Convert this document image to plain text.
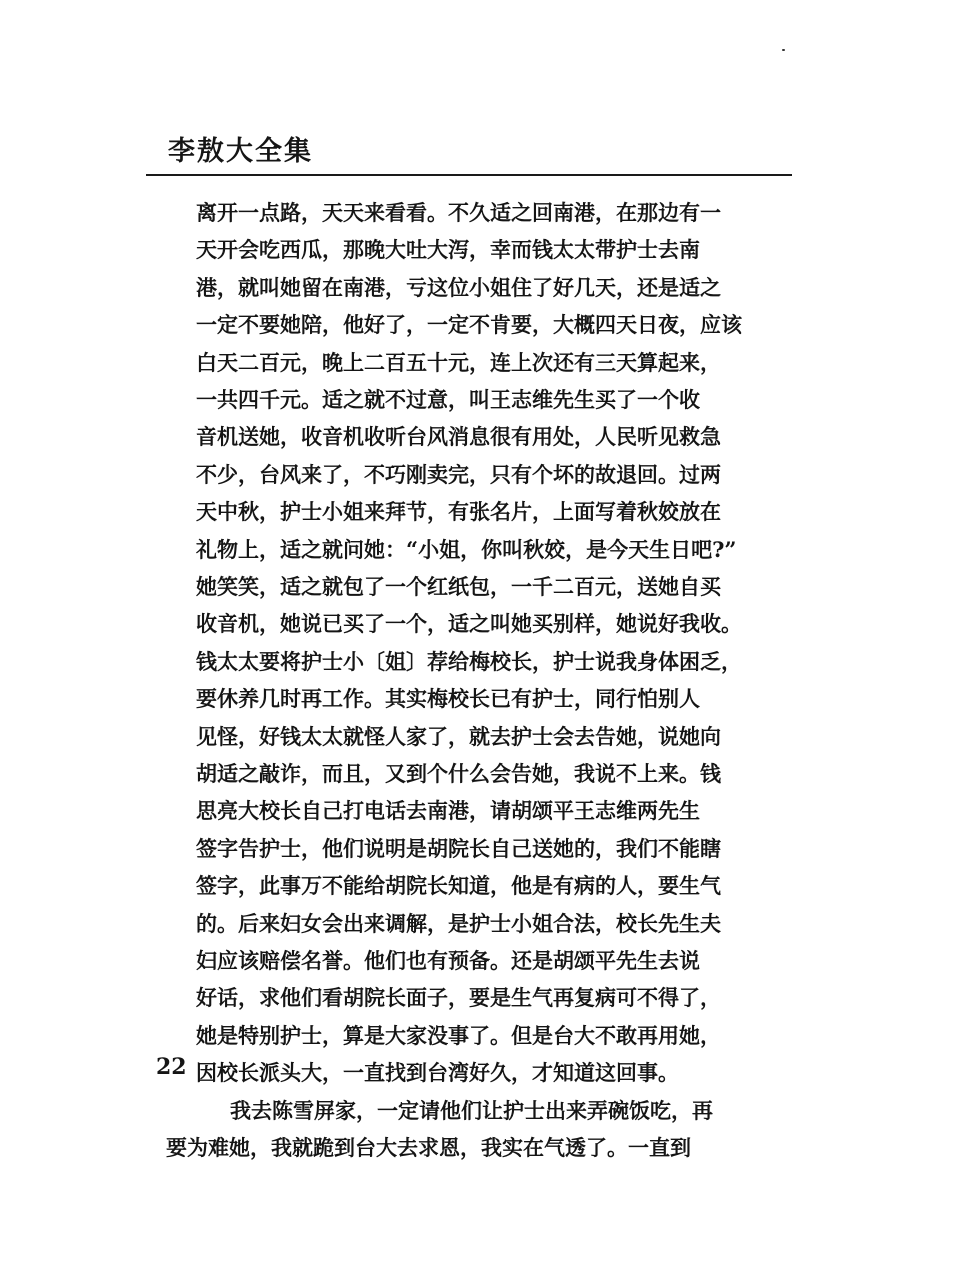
李敖大全集
离开一点路，天天来看看。不久适之回南港，在那边有一
天开会吃西瓜，那晚大吐大泻，幸而钱太太带护士去南
港，就叫她留在南港，亏这位小姐住了好几天，还是适之
一定不要她陪，他好了，一定不肯要，大概四天日夜，应该
白天二百元，晚上二百五十元，连上次还有三天算起来，
一共四千元。适之就不过意，叫王志维先生买了一个收
音机送她，收音机收听台风消息很有用处，人民听见救急
不少，台风来了，不巧刚卖完，只有个坏的故退回。过两
天中秋，护士小姐来拜节，有张名片，上面写着秋姣放在
礼物上，适之就问她：“小姐，你叫秋姣，是今天生日吧?”
她笑笑，适之就包了一个红纸包，一千二百元，送她自买
收音机，她说已买了一个，适之叫她买别样，她说好我收。
钱太太要将护士小〔姐〕荐给梅校长，护士说我身体困乏，
要休养几时再工作。其实梅校长已有护士，同行怕别人
见怪，好钱太太就怪人家了，就去护士会去告她，说她向
胡适之敲诈，而且，又到个什么会告她，我说不上来。钱
思亮大校长自己打电话去南港，请胡颂平王志维两先生
签字告护士，他们说明是胡院长自己送她的，我们不能瞎
签字，此事万不能给胡院长知道，他是有病的人，要生气
的。后来妇女会出来调解，是护士小姐合法，校长先生夫
妇应该赔偿名誉。他们也有预备。还是胡颂平先生去说
好话，求他们看胡院长面子，要是生气再复病可不得了，
她是特别护士，算是大家没事了。但是台大不敢再用她，
因校长派头大，一直找到台湾好久，才知道这回事。
我去陈雪屏家，一定请他们让护士出来弄碗饭吃，再
要为难她，我就跪到台大去求恩，我实在气透了。一直到
22
